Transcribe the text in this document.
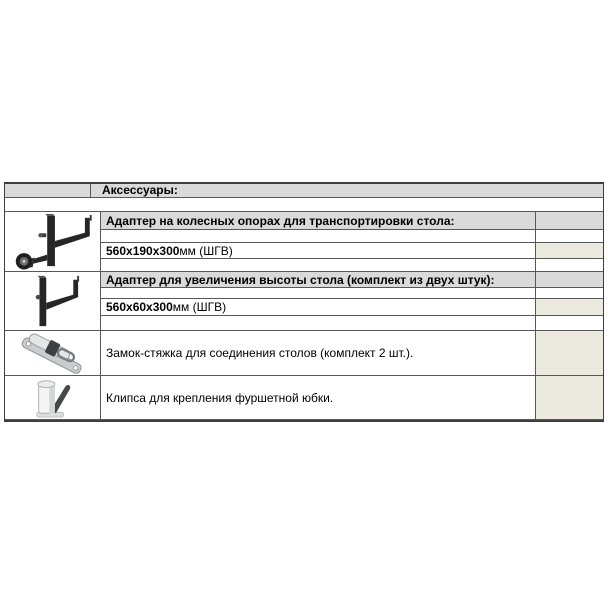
Аксессуары:
Адаптер на колесных опорах для транспортировки стола:
560x190x300 мм (ШГВ)
Адаптер для увеличения высоты стола (комплект из двух штук):
560x60x300 мм (ШГВ)
Замок-стяжка для соединения столов (комплект 2 шт.).
Клипса для крепления фуршетной юбки.
